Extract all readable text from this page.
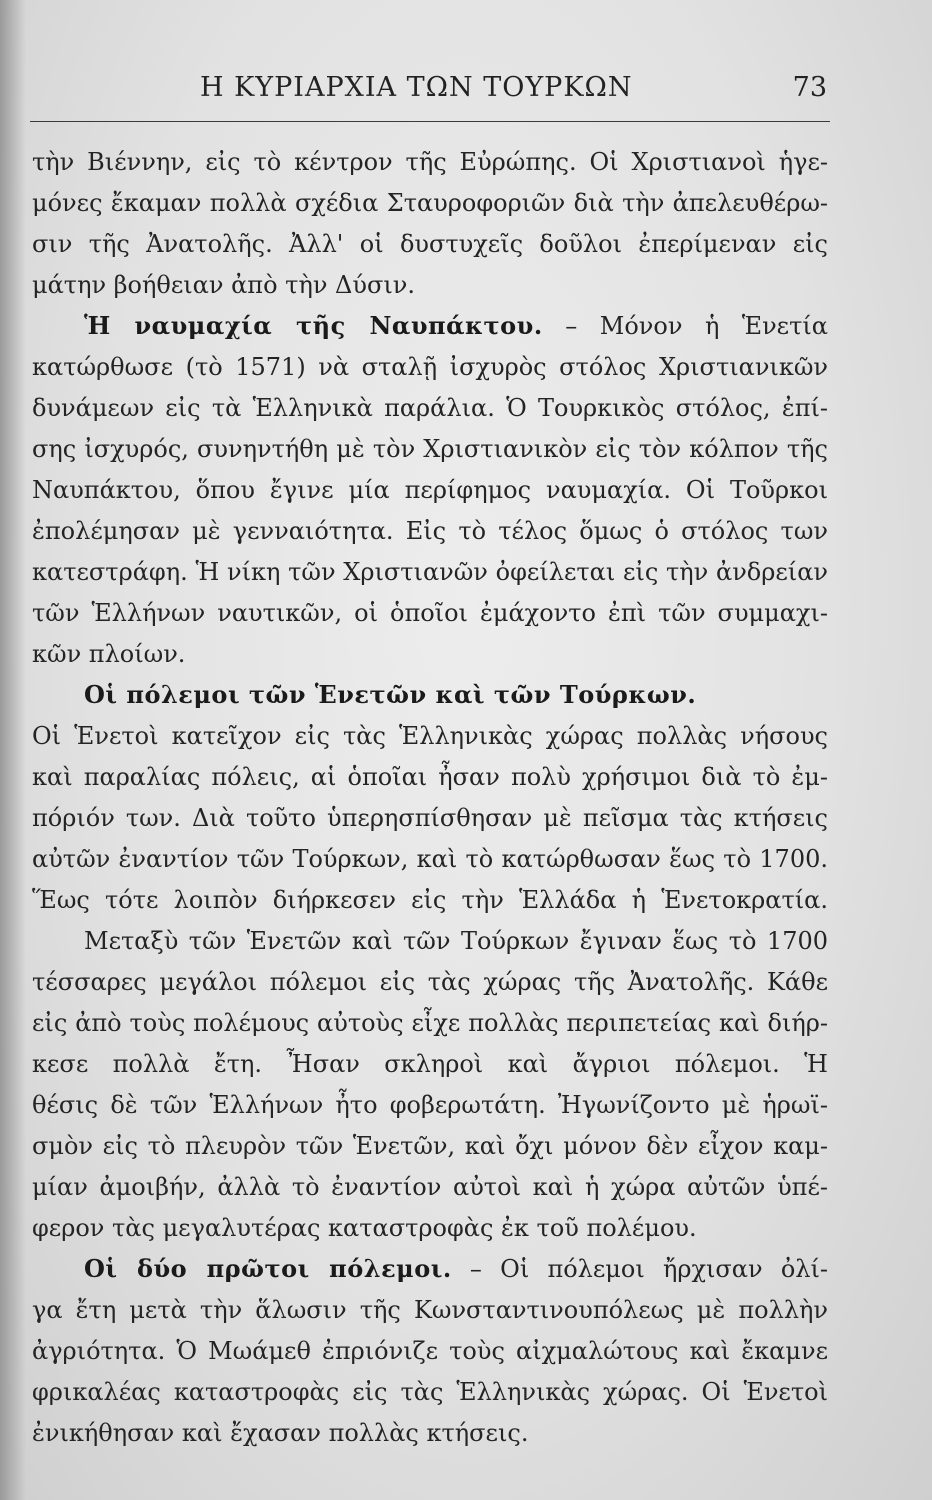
Η ΚΥΡΙΑΡΧΙΑ ΤΩΝ ΤΟΥΡΚΩΝ	73
τὴν Βιέννην, εἰς τὸ κέντρον τῆς Εὐρώπης. Οἱ Χριστιανοὶ ἡγε-
μόνες ἔκαμαν πολλὰ σχέδια Σταυροφοριῶν διὰ τὴν ἀπελευθέρω-
σιν τῆς Ἀνατολῆς. Ἀλλ' οἱ δυστυχεῖς δοῦλοι ἐπερίμεναν εἰς
μάτην βοήθειαν ἀπὸ τὴν Δύσιν.
Ἡ ναυμαχία τῆς Ναυπάκτου. – Μόνον ἡ Ἑνετία
κατώρθωσε (τὸ 1571) νὰ σταλῇ ἰσχυρὸς στόλος Χριστιανικῶν
δυνάμεων εἰς τὰ Ἑλληνικὰ παράλια. Ὁ Τουρκικὸς στόλος, ἐπί-
σης ἰσχυρός, συνηντήθη μὲ τὸν Χριστιανικὸν εἰς τὸν κόλπον τῆς
Ναυπάκτου, ὅπου ἔγινε μία περίφημος ναυμαχία. Οἱ Τοῦρκοι
ἐπολέμησαν μὲ γενναιότητα. Εἰς τὸ τέλος ὅμως ὁ στόλος των
κατεστράφη. Ἡ νίκη τῶν Χριστιανῶν ὀφείλεται εἰς τὴν ἀνδρείαν
τῶν Ἑλλήνων ναυτικῶν, οἱ ὁποῖοι ἐμάχοντο ἐπὶ τῶν συμμαχι-
κῶν πλοίων.
Οἱ πόλεμοι τῶν Ἑνετῶν καὶ τῶν Τούρκων.
Οἱ Ἑνετοὶ κατεῖχον εἰς τὰς Ἑλληνικὰς χώρας πολλὰς νήσους
καὶ παραλίας πόλεις, αἱ ὁποῖαι ἦσαν πολὺ χρήσιμοι διὰ τὸ ἐμ-
πόριόν των. Διὰ τοῦτο ὑπερησπίσθησαν μὲ πεῖσμα τὰς κτήσεις
αὐτῶν ἐναντίον τῶν Τούρκων, καὶ τὸ κατώρθωσαν ἕως τὸ 1700.
Ἕως τότε λοιπὸν διήρκεσεν εἰς τὴν Ἑλλάδα ἡ Ἑνετοκρατία.
Μεταξὺ τῶν Ἑνετῶν καὶ τῶν Τούρκων ἔγιναν ἕως τὸ 1700
τέσσαρες μεγάλοι πόλεμοι εἰς τὰς χώρας τῆς Ἀνατολῆς. Κάθε
εἰς ἀπὸ τοὺς πολέμους αὐτοὺς εἶχε πολλὰς περιπετείας καὶ διήρ-
κεσε πολλὰ ἔτη. Ἦσαν σκληροὶ καὶ ἄγριοι πόλεμοι. Ἡ
θέσις δὲ τῶν Ἑλλήνων ἦτο φοβερωτάτη. Ἠγωνίζοντο μὲ ἡρωϊ-
σμὸν εἰς τὸ πλευρὸν τῶν Ἑνετῶν, καὶ ὄχι μόνον δὲν εἶχον καμ-
μίαν ἀμοιβήν, ἀλλὰ τὸ ἐναντίον αὐτοὶ καὶ ἡ χώρα αὐτῶν ὑπέ-
φερον τὰς μεγαλυτέρας καταστροφὰς ἐκ τοῦ πολέμου.
Οἱ δύο πρῶτοι πόλεμοι. – Οἱ πόλεμοι ἤρχισαν ὀλί-
γα ἔτη μετὰ τὴν ἅλωσιν τῆς Κωνσταντινουπόλεως μὲ πολλὴν
ἀγριότητα. Ὁ Μωάμεθ ἐπριόνιζε τοὺς αἰχμαλώτους καὶ ἔκαμνε
φρικαλέας καταστροφὰς εἰς τὰς Ἑλληνικὰς χώρας. Οἱ Ἑνετοὶ
ἐνικήθησαν καὶ ἔχασαν πολλὰς κτήσεις.
